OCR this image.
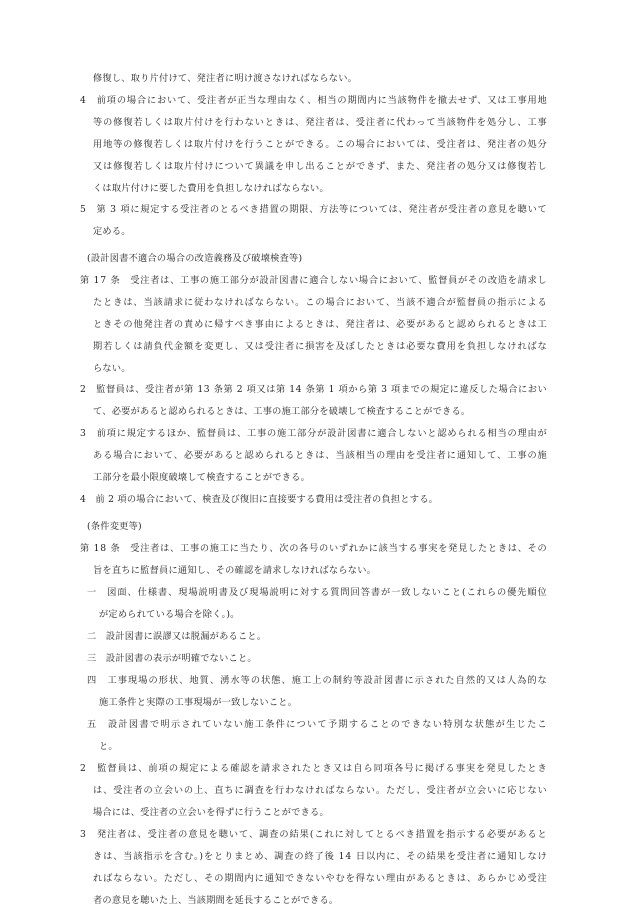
修復し、取り片付けて、発注者に明け渡さなければならない。
4　前項の場合において、受注者が正当な理由なく、相当の期間内に当該物件を撤去せず、又は工事用地
等の修復若しくは取片付けを行わないときは、発注者は、受注者に代わって当該物件を処分し、工事
用地等の修復若しくは取片付けを行うことができる。この場合においては、受注者は、発注者の処分
又は修復若しくは取片付けについて異議を申し出ることができず、また、発注者の処分又は修復若し
くは取片付けに要した費用を負担しなければならない。
5　第 3 項に規定する受注者のとるべき措置の期限、方法等については、発注者が受注者の意見を聴いて
定める。
(設計図書不適合の場合の改造義務及び破壊検査等)
第 17 条　受注者は、工事の施工部分が設計図書に適合しない場合において、監督員がその改造を請求し
たときは、当該請求に従わなければならない。この場合において、当該不適合が監督員の指示による
ときその他発注者の責めに帰すべき事由によるときは、発注者は、必要があると認められるときは工
期若しくは請負代金額を変更し、又は受注者に損害を及ぼしたときは必要な費用を負担しなければな
らない。
2　監督員は、受注者が第 13 条第 2 項又は第 14 条第 1 項から第 3 項までの規定に違反した場合におい
て、必要があると認められるときは、工事の施工部分を破壊して検査することができる。
3　前項に規定するほか、監督員は、工事の施工部分が設計図書に適合しないと認められる相当の理由が
ある場合において、必要があると認められるときは、当該相当の理由を受注者に通知して、工事の施
工部分を最小限度破壊して検査することができる。
4　前 2 項の場合において、検査及び復旧に直接要する費用は受注者の負担とする。
(条件変更等)
第 18 条　受注者は、工事の施工に当たり、次の各号のいずれかに該当する事実を発見したときは、その
旨を直ちに監督員に通知し、その確認を請求しなければならない。
一　図面、仕様書、現場説明書及び現場説明に対する質問回答書が一致しないこと(これらの優先順位
が定められている場合を除く。)。
二　設計図書に誤謬又は脱漏があること。
三　設計図書の表示が明確でないこと。
四　工事現場の形状、地質、湧水等の状態、施工上の制約等設計図書に示された自然的又は人為的な
施工条件と実際の工事現場が一致しないこと。
五　設計図書で明示されていない施工条件について予期することのできない特別な状態が生じたこ
と。
2　監督員は、前項の規定による確認を請求されたとき又は自ら同項各号に掲げる事実を発見したとき
は、受注者の立会いの上、直ちに調査を行わなければならない。ただし、受注者が立会いに応じない
場合には、受注者の立会いを得ずに行うことができる。
3　発注者は、受注者の意見を聴いて、調査の結果(これに対してとるべき措置を指示する必要があると
きは、当該指示を含む。)をとりまとめ、調査の終了後 14 日以内に、その結果を受注者に通知しなけ
ればならない。ただし、その期間内に通知できないやむを得ない理由があるときは、あらかじめ受注
者の意見を聴いた上、当該期間を延長することができる。
